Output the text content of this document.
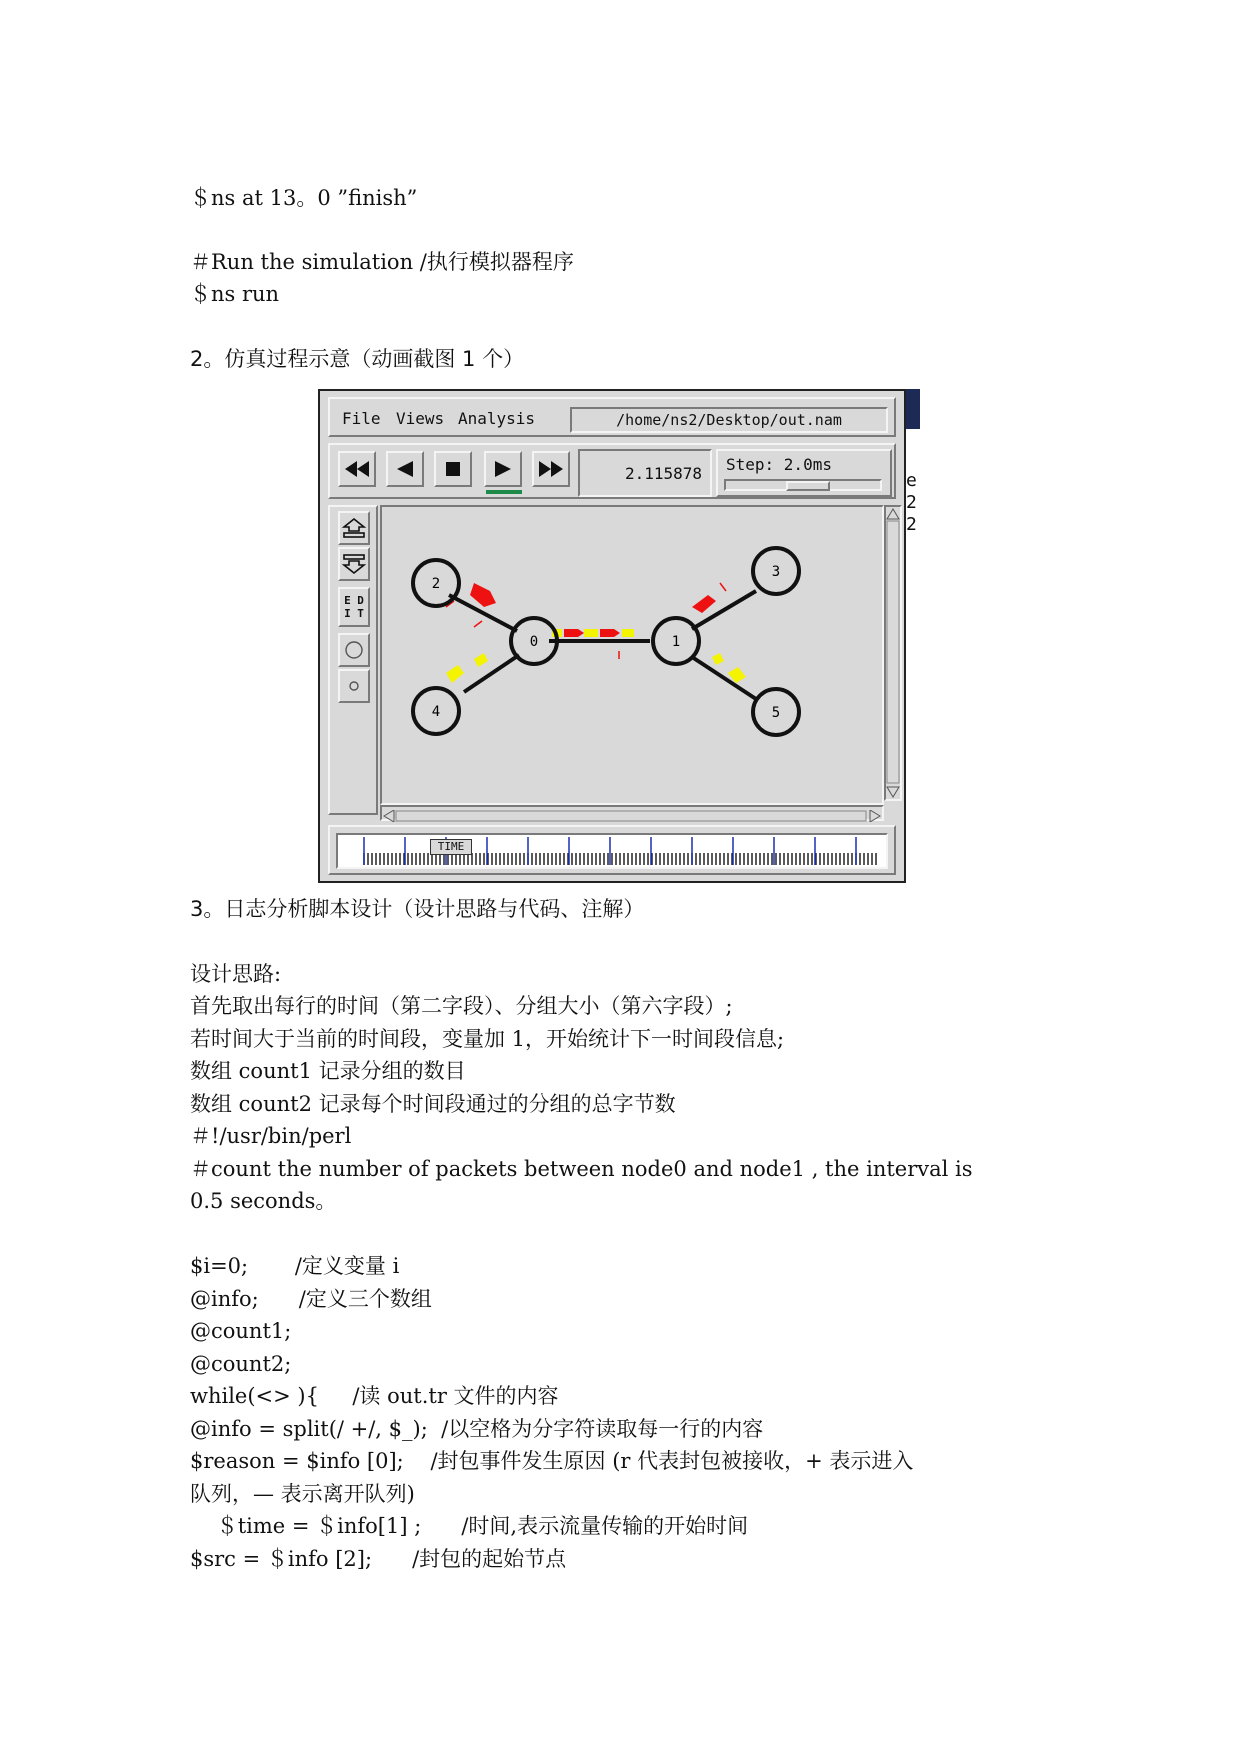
＄ns at 13。0 ”finish”
＃Run the simulation /执行模拟器程序
＄ns run
2。仿真过程示意（动画截图 1 个）
e
2
2
File Views Analysis	/home/ns2/Desktop/out.nam
2.115878	Step: 2.0ms
E D
I T
2
0
4
1
3
5
TIME
3。日志分析脚本设计（设计思路与代码、注解）
设计思路:
首先取出每行的时间（第二字段）、分组大小（第六字段）;
若时间大于当前的时间段，变量加 1，开始统计下一时间段信息;
数组 count1 记录分组的数目
数组 count2 记录每个时间段通过的分组的总字节数
＃!/usr/bin/perl
＃count the number of packets between node0 and node1 , the interval is
0.5 seconds。
$i=0;       /定义变量 i
@info;      /定义三个数组
@count1;
@count2;
while(<> ){     /读 out.tr 文件的内容
@info = split(/ +/, $_);  /以空格为分字符读取每一行的内容
$reason = $info [0];    /封包事件发生原因 (r 代表封包被接收，+ 表示进入
队列，— 表示离开队列)
＄time = ＄info[1] ;      /时间,表示流量传输的开始时间
$src = ＄info [2];      /封包的起始节点
